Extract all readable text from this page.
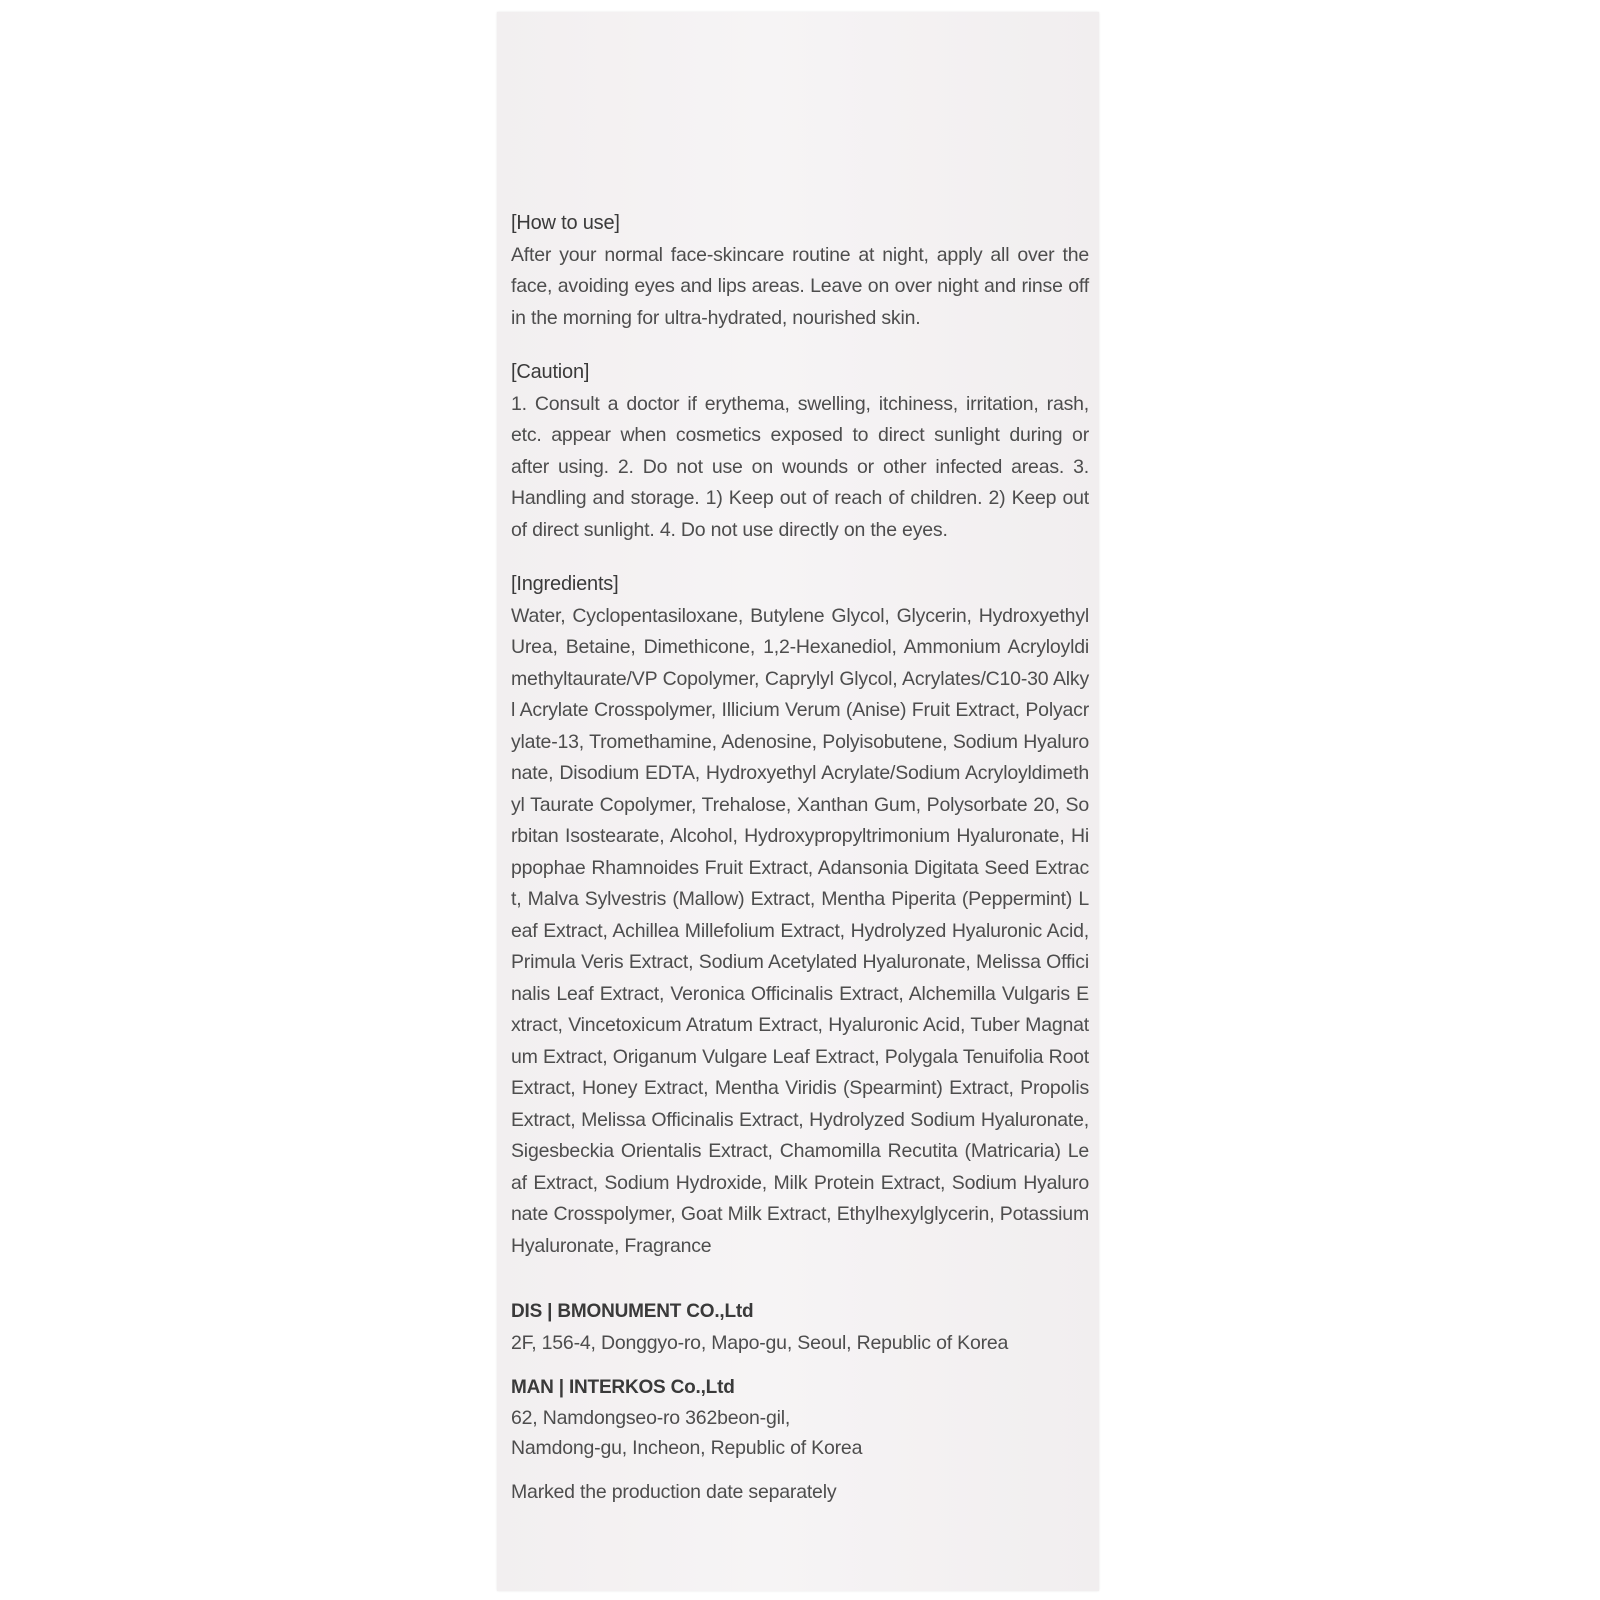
[How to use]
After your normal face-skincare routine at night, apply all over the face, avoiding eyes and lips areas. Leave on over night and rinse off in the morning for ultra-hydrated, nourished skin.
[Caution]
1. Consult a doctor if erythema, swelling, itchiness, irritation, rash, etc. appear when cosmetics exposed to direct sunlight during or after using. 2. Do not use on wounds or other infected areas. 3. Handling and storage. 1) Keep out of reach of children. 2) Keep out of direct sunlight. 4. Do not use directly on the eyes.
[Ingredients]
Water, Cyclopentasiloxane, Butylene Glycol, Glycerin, Hydroxyethyl Urea, Betaine, Dimethicone, 1,2-Hexanediol, Ammonium Acryloyldimethyltaurate/VP Copolymer, Caprylyl Glycol, Acrylates/C10-30 Alkyl Acrylate Crosspolymer, Illicium Verum (Anise) Fruit Extract, Polyacrylate-13, Tromethamine, Adenosine, Polyisobutene, Sodium Hyaluronate, Disodium EDTA, Hydroxyethyl Acrylate/Sodium Acryloyldimethyl Taurate Copolymer, Trehalose, Xanthan Gum, Polysorbate 20, Sorbitan Isostearate, Alcohol, Hydroxypropyltrimonium Hyaluronate, Hippophae Rhamnoides Fruit Extract, Adansonia Digitata Seed Extract, Malva Sylvestris (Mallow) Extract, Mentha Piperita (Peppermint) Leaf Extract, Achillea Millefolium Extract, Hydrolyzed Hyaluronic Acid, Primula Veris Extract, Sodium Acetylated Hyaluronate, Melissa Officinalis Leaf Extract, Veronica Officinalis Extract, Alchemilla Vulgaris Extract, Vincetoxicum Atratum Extract, Hyaluronic Acid, Tuber Magnatum Extract, Origanum Vulgare Leaf Extract, Polygala Tenuifolia Root Extract, Honey Extract, Mentha Viridis (Spearmint) Extract, Propolis Extract, Melissa Officinalis Extract, Hydrolyzed Sodium Hyaluronate, Sigesbeckia Orientalis Extract, Chamomilla Recutita (Matricaria) Leaf Extract, Sodium Hydroxide, Milk Protein Extract, Sodium Hyaluronate Crosspolymer, Goat Milk Extract, Ethylhexylglycerin, Potassium Hyaluronate, Fragrance
DIS | BMONUMENT CO.,Ltd
2F, 156-4, Donggyo-ro, Mapo-gu, Seoul, Republic of Korea
MAN | INTERKOS Co.,Ltd
62, Namdongseo-ro 362beon-gil,
Namdong-gu, Incheon, Republic of Korea
Marked the production date separately
